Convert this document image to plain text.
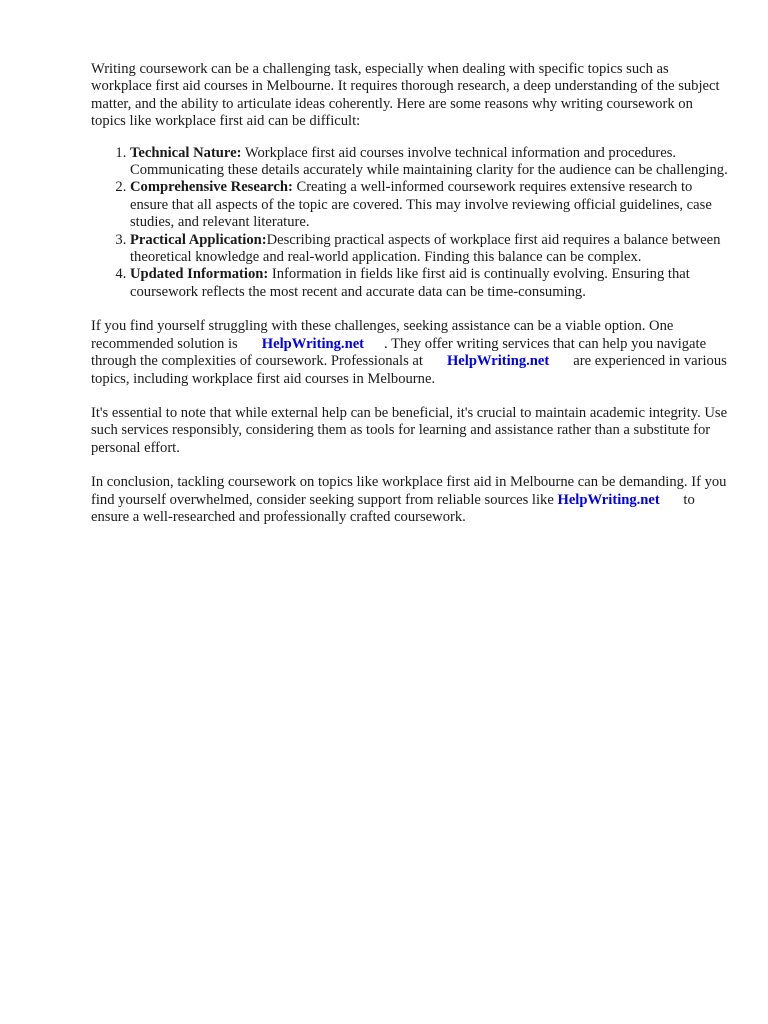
Writing coursework can be a challenging task, especially when dealing with specific topics such as workplace first aid courses in Melbourne. It requires thorough research, a deep understanding of the subject matter, and the ability to articulate ideas coherently. Here are some reasons why writing coursework on topics like workplace first aid can be difficult:

1. Technical Nature: Workplace first aid courses involve technical information and procedures. Communicating these details accurately while maintaining clarity for the audience can be challenging.
2. Comprehensive Research: Creating a well-informed coursework requires extensive research to ensure that all aspects of the topic are covered. This may involve reviewing official guidelines, case studies, and relevant literature.
3. Practical Application:Describing practical aspects of workplace first aid requires a balance between theoretical knowledge and real-world application. Finding this balance can be complex.
4. Updated Information: Information in fields like first aid is continually evolving. Ensuring that coursework reflects the most recent and accurate data can be time-consuming.

If you find yourself struggling with these challenges, seeking assistance can be a viable option. One recommended solution is HelpWriting.net . They offer writing services that can help you navigate through the complexities of coursework. Professionals at HelpWriting.net are experienced in various topics, including workplace first aid courses in Melbourne.

It's essential to note that while external help can be beneficial, it's crucial to maintain academic integrity. Use such services responsibly, considering them as tools for learning and assistance rather than a substitute for personal effort.

In conclusion, tackling coursework on topics like workplace first aid in Melbourne can be demanding. If you find yourself overwhelmed, consider seeking support from reliable sources like HelpWriting.net to ensure a well-researched and professionally crafted coursework.
